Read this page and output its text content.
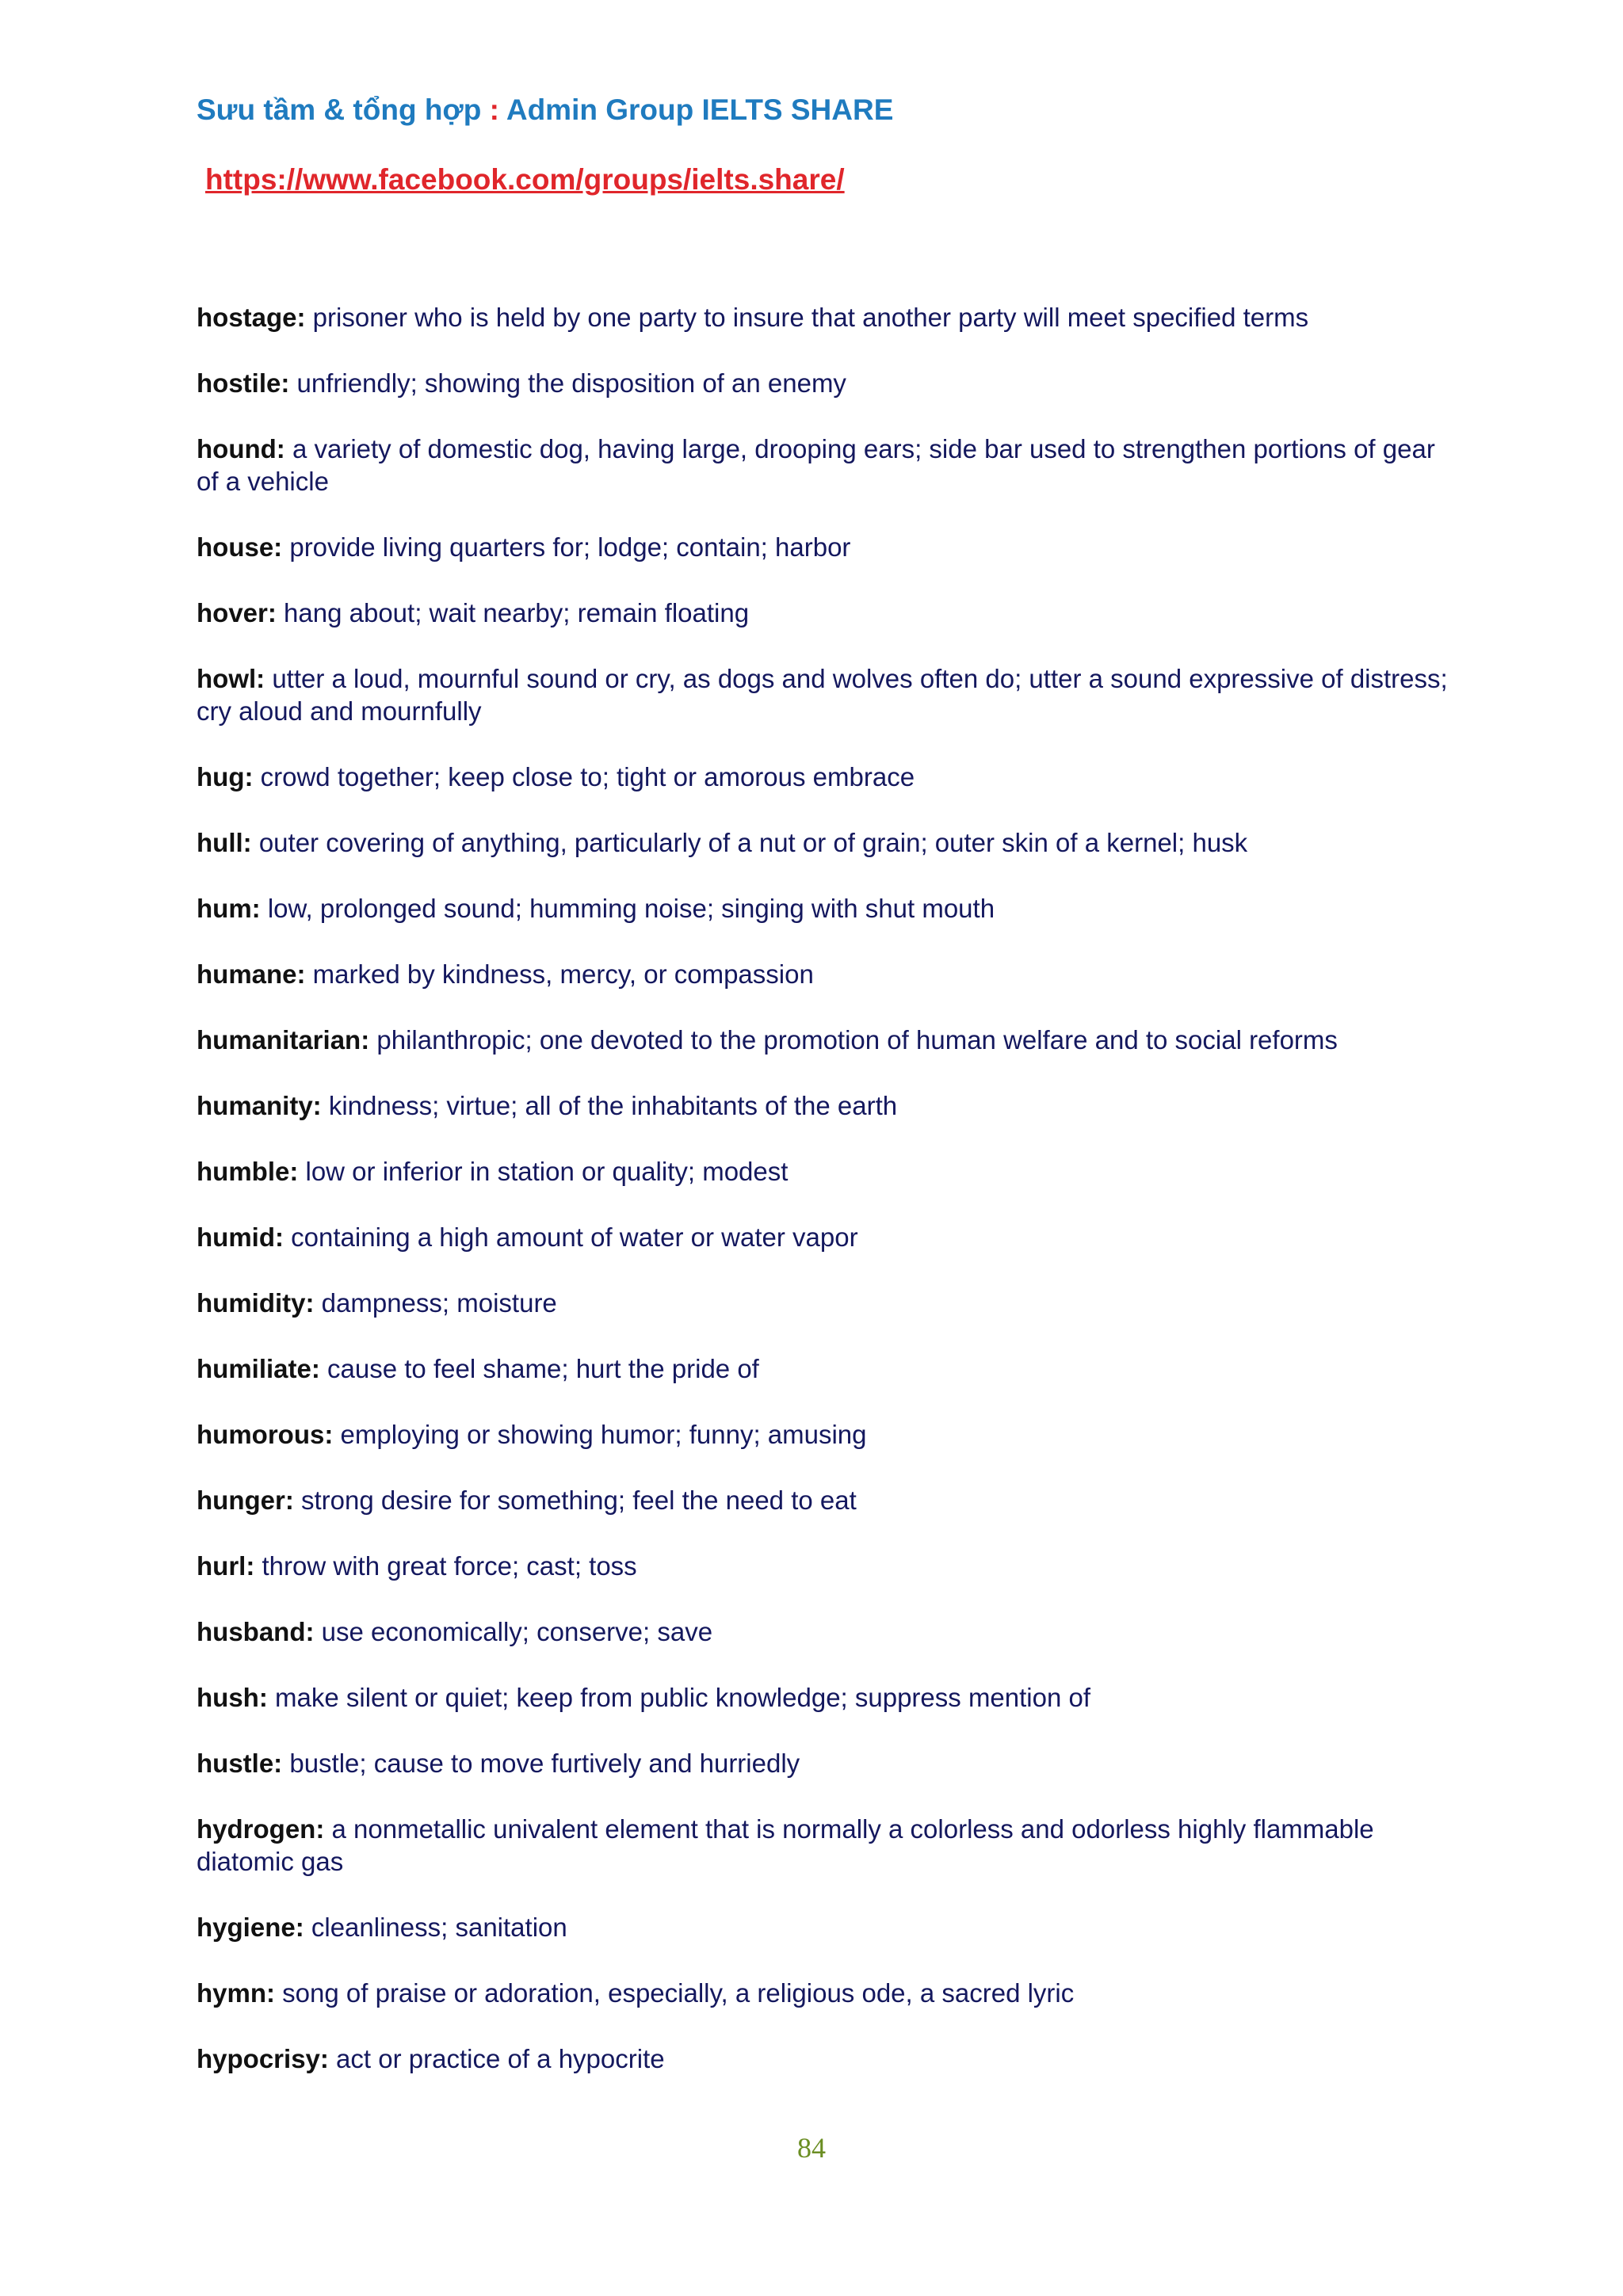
Sưu tầm & tổng hợp : Admin Group IELTS SHARE
https://www.facebook.com/groups/ielts.share/
hostage: prisoner who is held by one party to insure that another party will meet specified terms
hostile: unfriendly; showing the disposition of an enemy
hound: a variety of domestic dog, having large, drooping ears; side bar used to strengthen portions of gear of a vehicle
house: provide living quarters for; lodge; contain; harbor
hover: hang about; wait nearby; remain floating
howl: utter a loud, mournful sound or cry, as dogs and wolves often do; utter a sound expressive of distress; cry aloud and mournfully
hug: crowd together; keep close to; tight or amorous embrace
hull: outer covering of anything, particularly of a nut or of grain; outer skin of a kernel; husk
hum: low, prolonged sound; humming noise; singing with shut mouth
humane: marked by kindness, mercy, or compassion
humanitarian: philanthropic; one devoted to the promotion of human welfare and to social reforms
humanity: kindness; virtue; all of the inhabitants of the earth
humble: low or inferior in station or quality; modest
humid: containing a high amount of water or water vapor
humidity: dampness; moisture
humiliate: cause to feel shame; hurt the pride of
humorous: employing or showing humor; funny; amusing
hunger: strong desire for something; feel the need to eat
hurl: throw with great force; cast; toss
husband: use economically; conserve; save
hush: make silent or quiet; keep from public knowledge; suppress mention of
hustle: bustle; cause to move furtively and hurriedly
hydrogen: a nonmetallic univalent element that is normally a colorless and odorless highly flammable diatomic gas
hygiene: cleanliness; sanitation
hymn: song of praise or adoration, especially, a religious ode, a sacred lyric
hypocrisy: act or practice of a hypocrite
84
